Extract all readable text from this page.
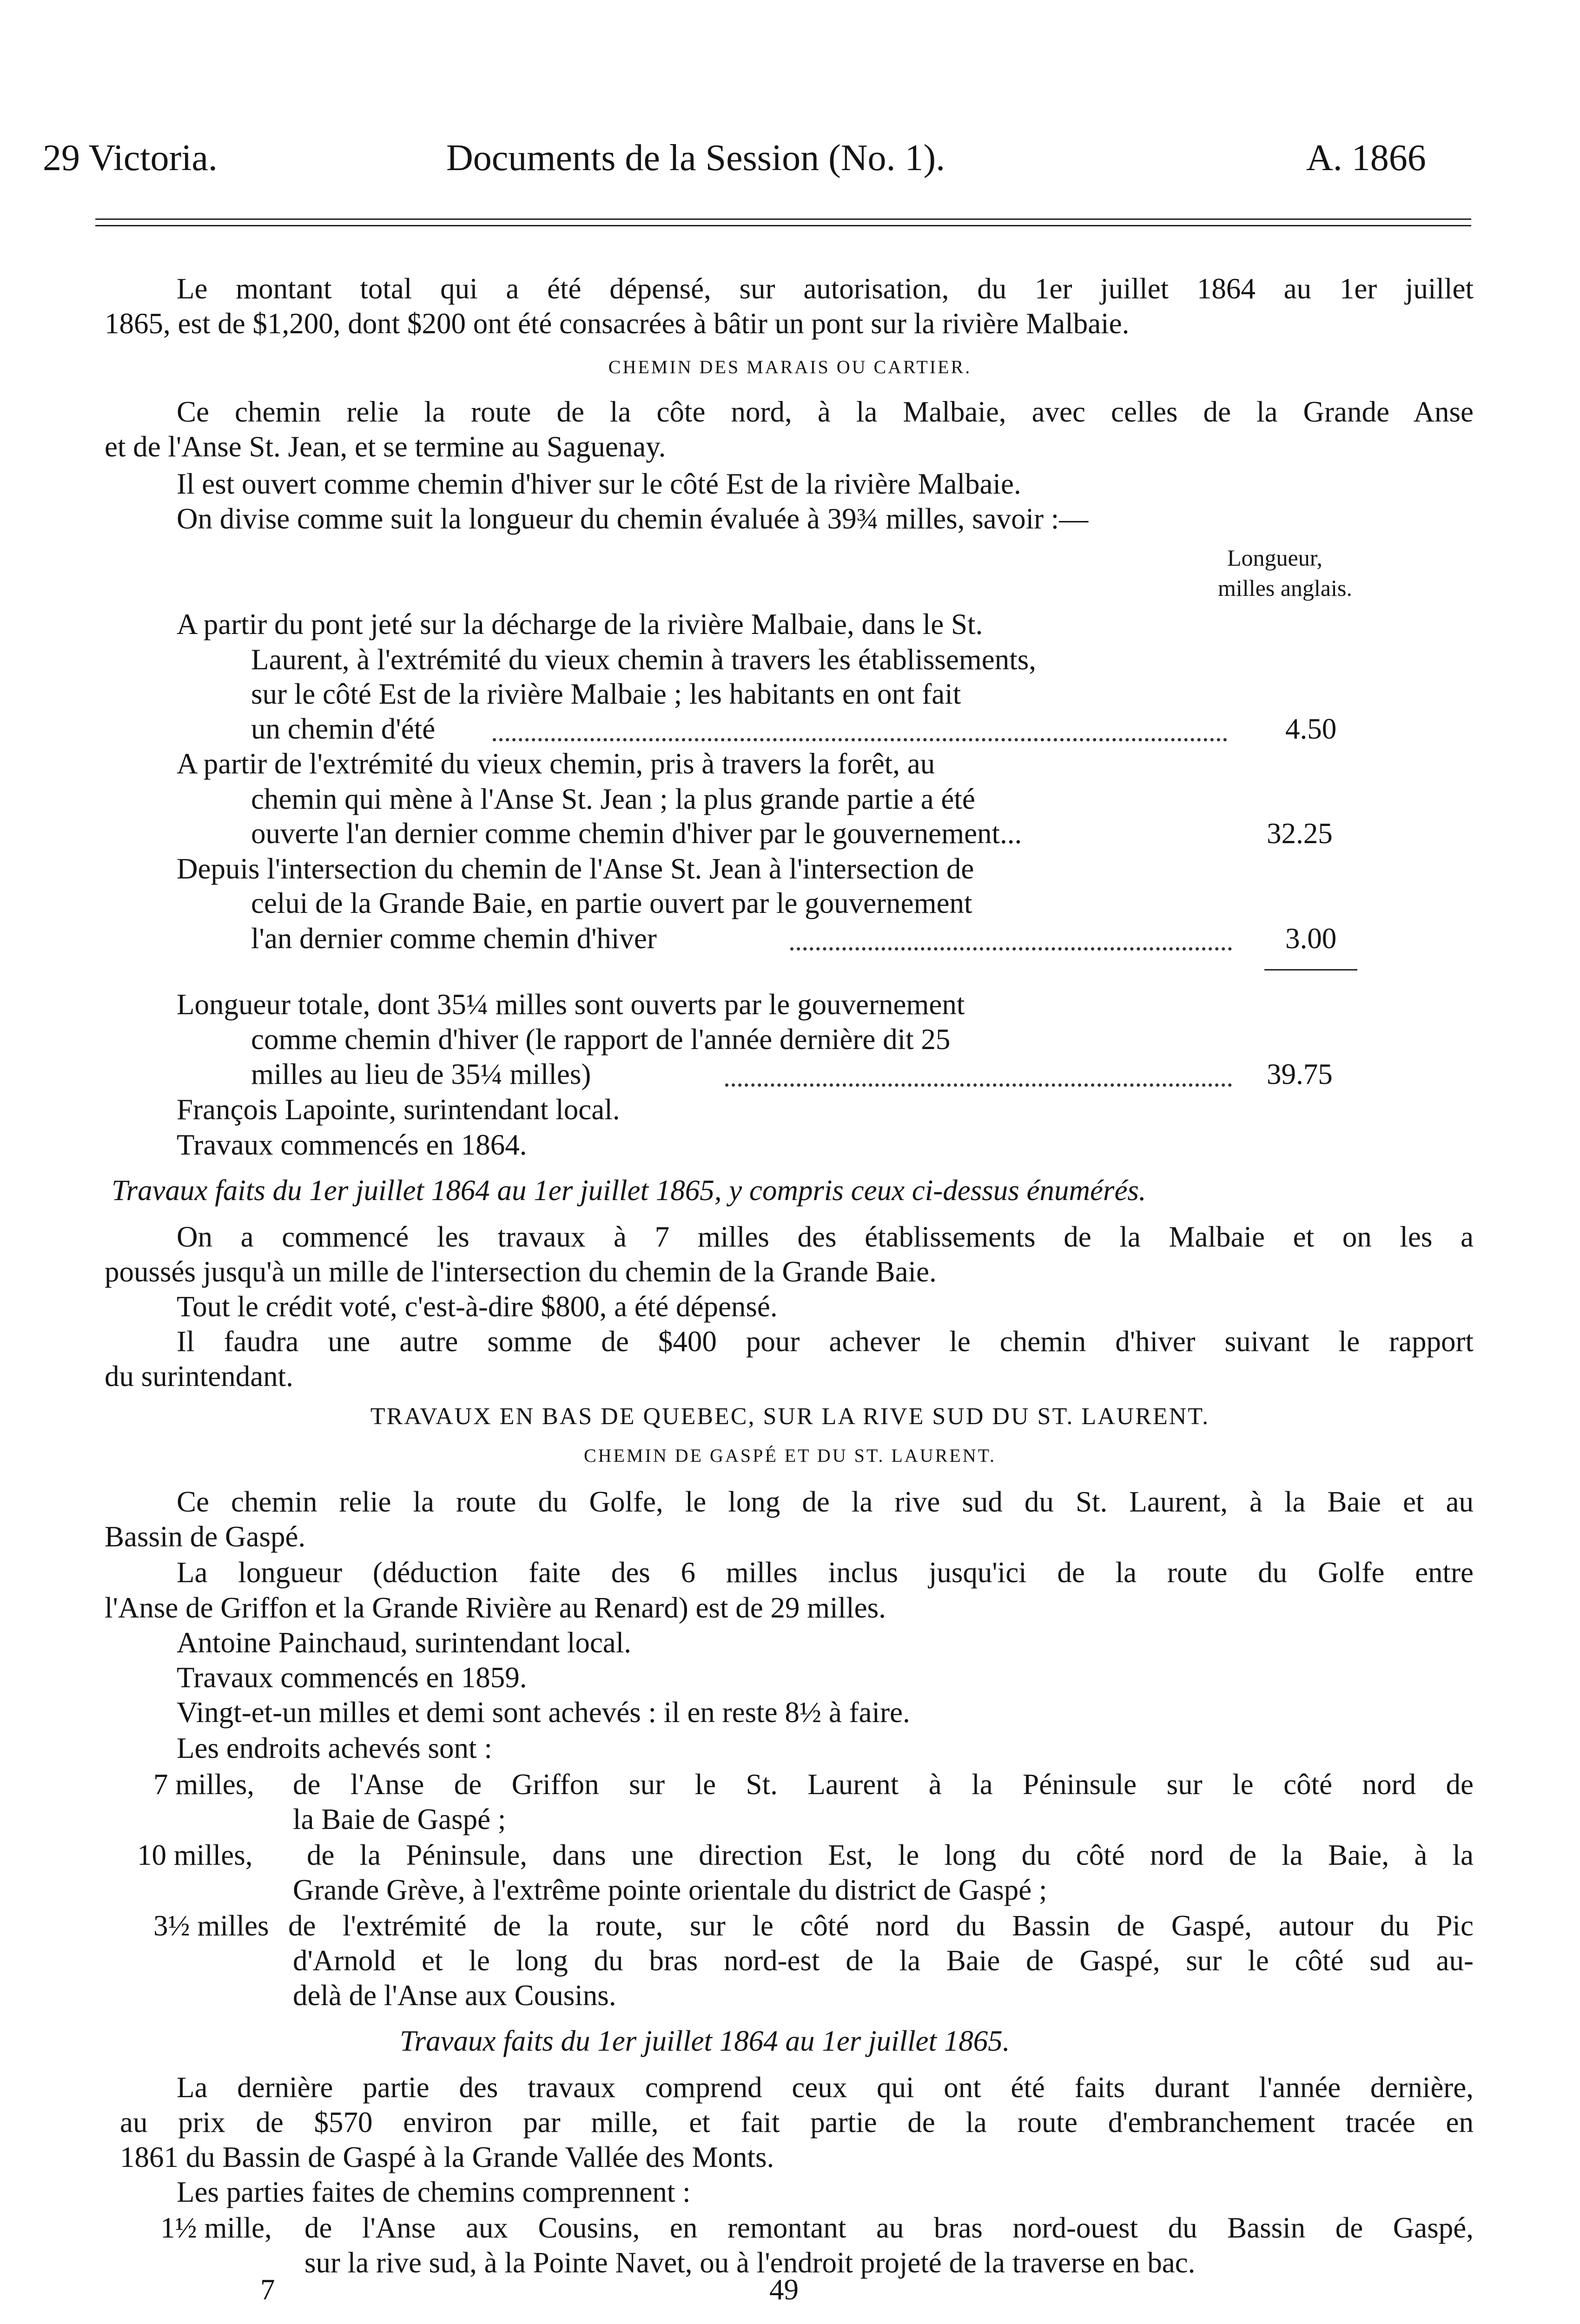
29 Victoria.	Documents de la Session (No. 1).	A. 1866
Le montant total qui a été dépensé, sur autorisation, du 1er juillet 1864 au 1er juillet
1865, est de $1,200, dont $200 ont été consacrées à bâtir un pont sur la rivière Malbaie.
CHEMIN DES MARAIS OU CARTIER.
Ce chemin relie la route de la côte nord, à la Malbaie, avec celles de la Grande Anse
et de l'Anse St. Jean, et se termine au Saguenay.
Il est ouvert comme chemin d'hiver sur le côté Est de la rivière Malbaie.
On divise comme suit la longueur du chemin évaluée à 39¾ milles, savoir :—
Longueur,
milles anglais.
A partir du pont jeté sur la décharge de la rivière Malbaie, dans le St.
Laurent, à l'extrémité du vieux chemin à travers les établissements,
sur le côté Est de la rivière Malbaie ; les habitants en ont fait
un chemin d'été	4.50
A partir de l'extrémité du vieux chemin, pris à travers la forêt, au
chemin qui mène à l'Anse St. Jean ; la plus grande partie a été
ouverte l'an dernier comme chemin d'hiver par le gouvernement...	32.25
Depuis l'intersection du chemin de l'Anse St. Jean à l'intersection de
celui de la Grande Baie, en partie ouvert par le gouvernement
l'an dernier comme chemin d'hiver	3.00
Longueur totale, dont 35¼ milles sont ouverts par le gouvernement
comme chemin d'hiver (le rapport de l'année dernière dit 25
milles au lieu de 35¼ milles)	39.75
François Lapointe, surintendant local.
Travaux commencés en 1864.
Travaux faits du 1er juillet 1864 au 1er juillet 1865, y compris ceux ci-dessus énumérés.
On a commencé les travaux à 7 milles des établissements de la Malbaie et on les a
poussés jusqu'à un mille de l'intersection du chemin de la Grande Baie.
Tout le crédit voté, c'est-à-dire $800, a été dépensé.
Il faudra une autre somme de $400 pour achever le chemin d'hiver suivant le rapport
du surintendant.
TRAVAUX EN BAS DE QUEBEC, SUR LA RIVE SUD DU ST. LAURENT.
CHEMIN DE GASPÉ ET DU ST. LAURENT.
Ce chemin relie la route du Golfe, le long de la rive sud du St. Laurent, à la Baie et au
Bassin de Gaspé.
La longueur (déduction faite des 6 milles inclus jusqu'ici de la route du Golfe entre
l'Anse de Griffon et la Grande Rivière au Renard) est de 29 milles.
Antoine Painchaud, surintendant local.
Travaux commencés en 1859.
Vingt-et-un milles et demi sont achevés : il en reste 8½ à faire.
Les endroits achevés sont :
7 milles, de l'Anse de Griffon sur le St. Laurent à la Péninsule sur le côté nord de
la Baie de Gaspé ;
10 milles, de la Péninsule, dans une direction Est, le long du côté nord de la Baie, à la
Grande Grève, à l'extrême pointe orientale du district de Gaspé ;
3½ milles de l'extrémité de la route, sur le côté nord du Bassin de Gaspé, autour du Pic
d'Arnold et le long du bras nord-est de la Baie de Gaspé, sur le côté sud au-
delà de l'Anse aux Cousins.
Travaux faits du 1er juillet 1864 au 1er juillet 1865.
La dernière partie des travaux comprend ceux qui ont été faits durant l'année dernière,
au prix de $570 environ par mille, et fait partie de la route d'embranchement tracée en
1861 du Bassin de Gaspé à la Grande Vallée des Monts.
Les parties faites de chemins comprennent :
1½ mille, de l'Anse aux Cousins, en remontant au bras nord-ouest du Bassin de Gaspé,
sur la rive sud, à la Pointe Navet, ou à l'endroit projeté de la traverse en bac.
7	49
